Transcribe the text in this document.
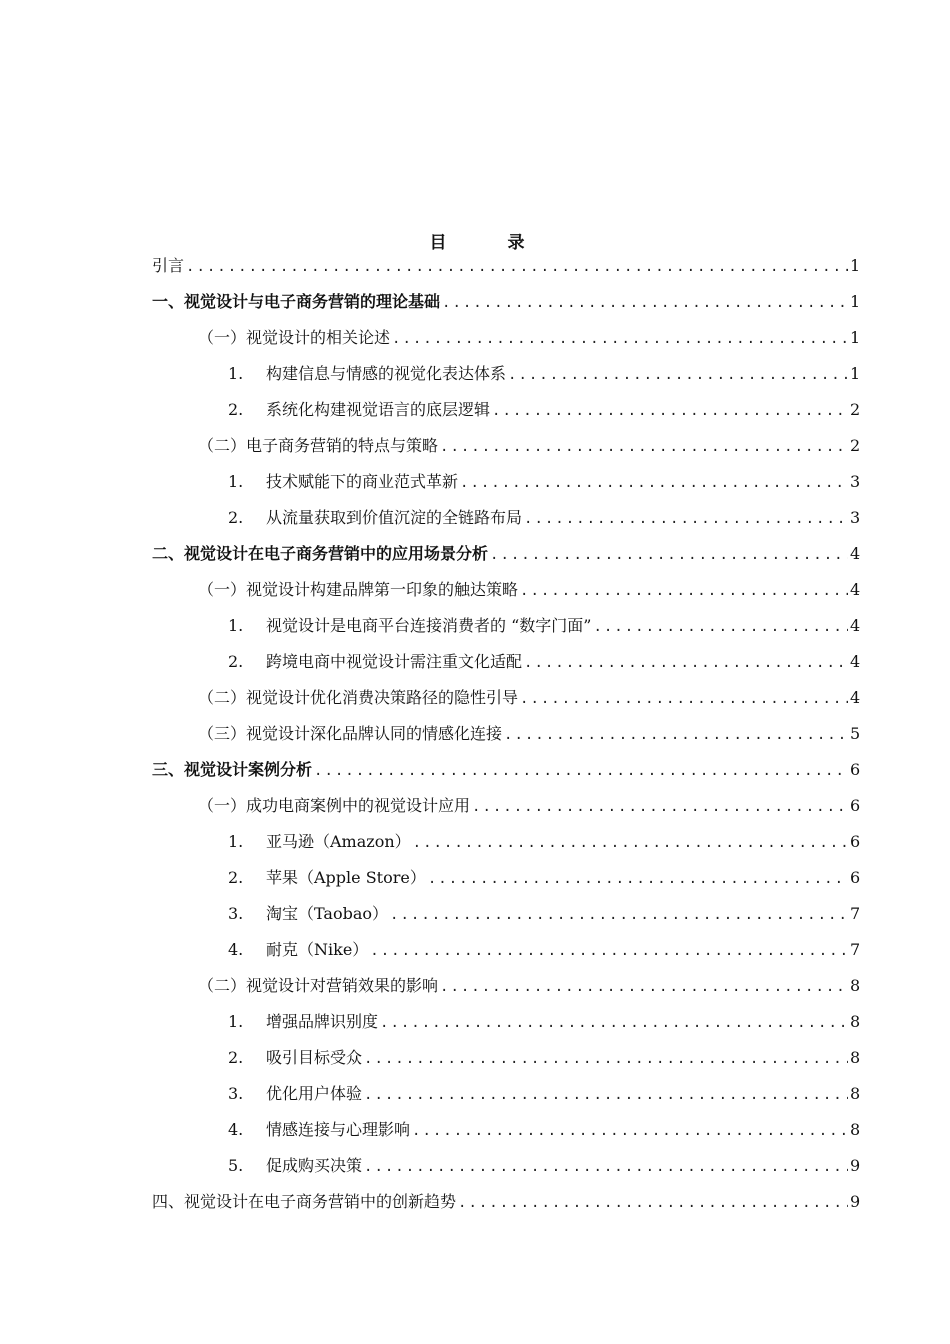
目　录
引言 .....	1
一、视觉设计与电子商务营销的理论基础 .....	1
（一）视觉设计的相关论述 .....	1
1. 构建信息与情感的视觉化表达体系 .....	1
2. 系统化构建视觉语言的底层逻辑 .....	2
（二）电子商务营销的特点与策略 .....	2
1. 技术赋能下的商业范式革新 .....	3
2. 从流量获取到价值沉淀的全链路布局 .....	3
二、视觉设计在电子商务营销中的应用场景分析 .....	4
（一）视觉设计构建品牌第一印象的触达策略 .....	4
1. 视觉设计是电商平台连接消费者的 “数字门面” .....	4
2. 跨境电商中视觉设计需注重文化适配 .....	4
（二）视觉设计优化消费决策路径的隐性引导 .....	4
（三）视觉设计深化品牌认同的情感化连接 .....	5
三、视觉设计案例分析 .....	6
（一）成功电商案例中的视觉设计应用 .....	6
1. 亚马逊（Amazon） .....	6
2. 苹果（Apple Store） .....	6
3. 淘宝（Taobao） .....	7
4. 耐克（Nike） .....	7
（二）视觉设计对营销效果的影响 .....	8
1. 增强品牌识别度 .....	8
2. 吸引目标受众 .....	8
3. 优化用户体验 .....	8
4. 情感连接与心理影响 .....	8
5. 促成购买决策 .....	9
四、视觉设计在电子商务营销中的创新趋势 .....	9
